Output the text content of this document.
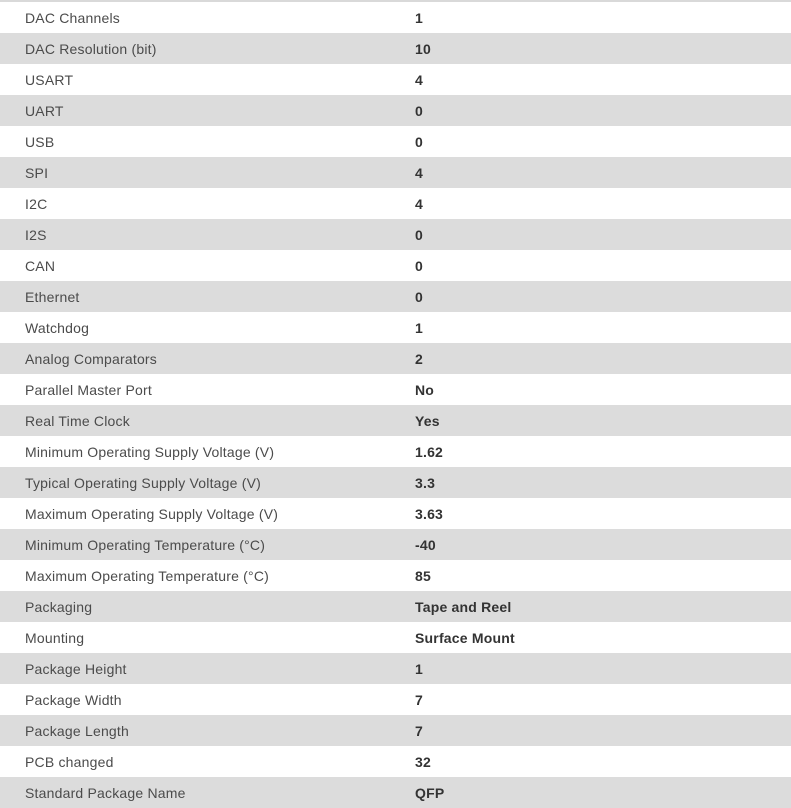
DAC Channels	1
DAC Resolution (bit)	10
USART	4
UART	0
USB	0
SPI	4
I2C	4
I2S	0
CAN	0
Ethernet	0
Watchdog	1
Analog Comparators	2
Parallel Master Port	No
Real Time Clock	Yes
Minimum Operating Supply Voltage (V)	1.62
Typical Operating Supply Voltage (V)	3.3
Maximum Operating Supply Voltage (V)	3.63
Minimum Operating Temperature (°C)	-40
Maximum Operating Temperature (°C)	85
Packaging	Tape and Reel
Mounting	Surface Mount
Package Height	1
Package Width	7
Package Length	7
PCB changed	32
Standard Package Name	QFP
